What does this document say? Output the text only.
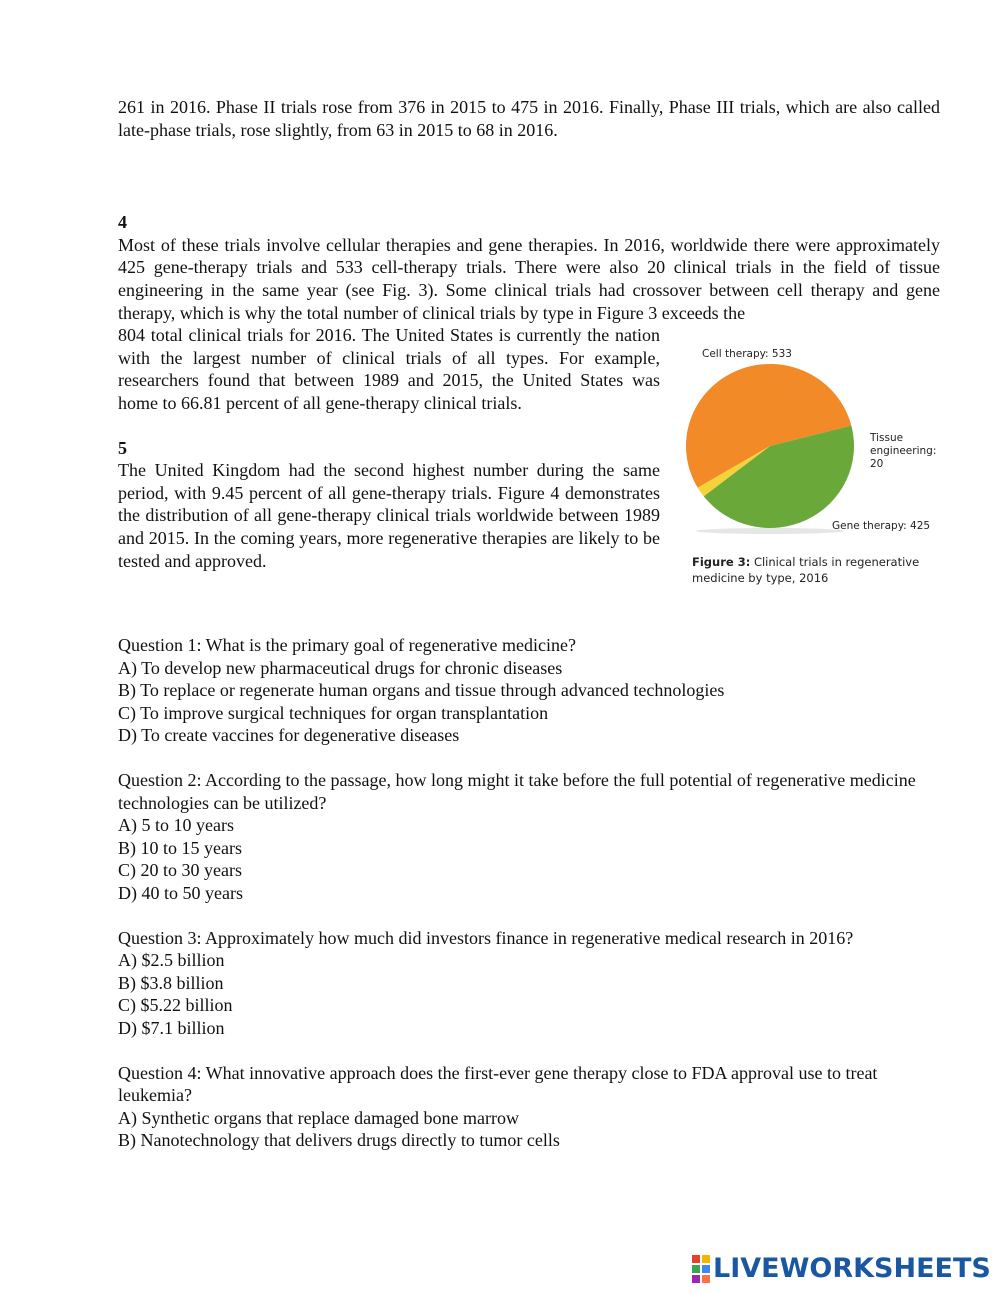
261 in 2016. Phase II trials rose from 376 in 2015 to 475 in 2016. Finally, Phase III trials, which are also called late-phase trials, rose slightly, from 63 in 2015 to 68 in 2016.

4

Most of these trials involve cellular therapies and gene therapies. In 2016, worldwide there were approximately 425 gene-therapy trials and 533 cell-therapy trials. There were also 20 clinical trials in the field of tissue engineering in the same year (see Fig. 3). Some clinical trials had crossover between cell therapy and gene therapy, which is why the total number of clinical trials by type in Figure 3 exceeds the

Cell therapy: 533
Tissue
engineering: 20
Gene therapy: 425
Figure 3: Clinical trials in regenerative medicine by type, 2016

804 total clinical trials for 2016. The United States is currently the nation with the largest number of clinical trials of all types. For example, researchers found that between 1989 and 2015, the United States was home to 66.81 percent of all gene-therapy clinical trials.

5

The United Kingdom had the second highest number during the same period, with 9.45 percent of all gene-therapy trials. Figure 4 demonstrates the distribution of all gene-therapy clinical trials worldwide between 1989 and 2015. In the coming years, more regenerative therapies are likely to be tested and approved.

Question 1: What is the primary goal of regenerative medicine?

A) To develop new pharmaceutical drugs for chronic diseases

B) To replace or regenerate human organs and tissue through advanced technologies

C) To improve surgical techniques for organ transplantation

D) To create vaccines for degenerative diseases

Question 2: According to the passage, how long might it take before the full potential of regenerative medicine technologies can be utilized?

A) 5 to 10 years

B) 10 to 15 years

C) 20 to 30 years

D) 40 to 50 years

Question 3: Approximately how much did investors finance in regenerative medical research in 2016?

A) $2.5 billion

B) $3.8 billion

C) $5.22 billion

D) $7.1 billion

Question 4: What innovative approach does the first-ever gene therapy close to FDA approval use to treat leukemia?

A) Synthetic organs that replace damaged bone marrow

B) Nanotechnology that delivers drugs directly to tumor cells

LIVEWORKSHEETS
